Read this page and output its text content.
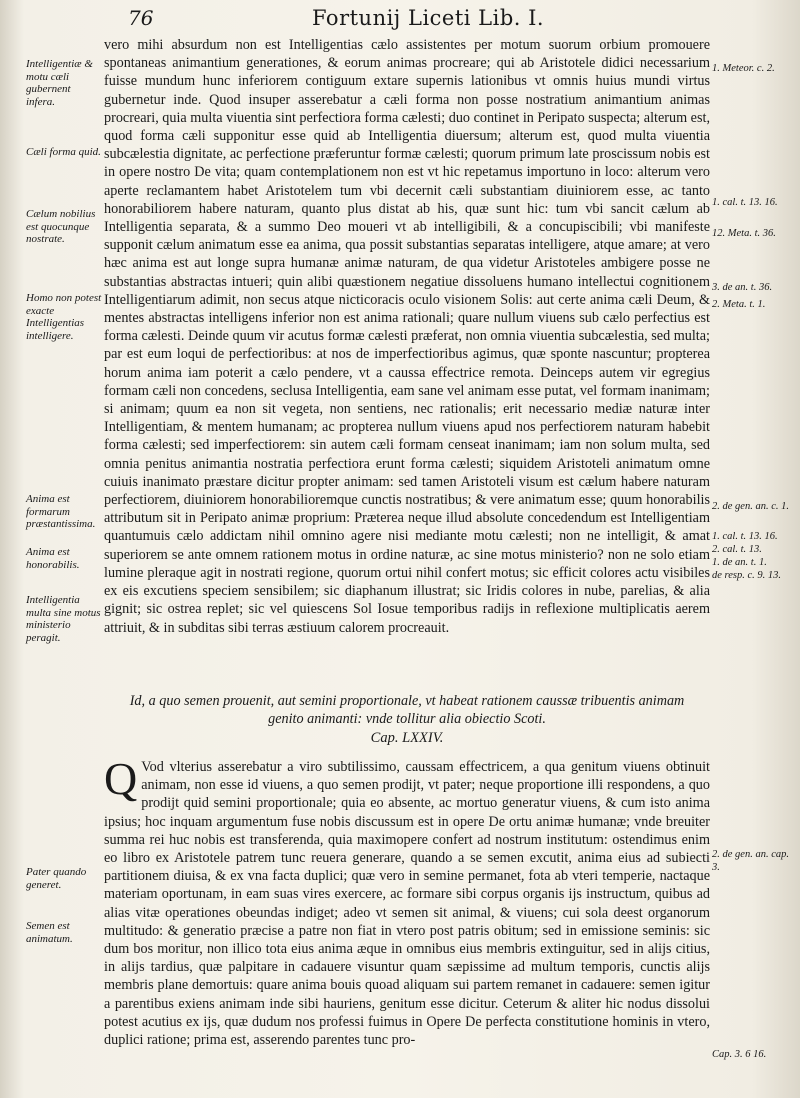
76	Fortunij Liceti Lib. I.

vero mihi absurdum non est Intelligentias cælo assistentes per motum suorum orbium promouere spontaneas animantium generationes, & eorum animas procreare; qui ab Aristotele didici necessarium fuisse mundum hunc inferiorem contiguum extare supernis lationibus vt omnis huius mundi virtus gubernetur inde. Quod insuper asserebatur a cæli forma non posse nostratium animantium animas procreari, quia multa viuentia sint perfectiora forma cælesti; duo continet in Peripato suspecta; alterum est, quod forma cæli supponitur esse quid ab Intelligentia diuersum; alterum est, quod multa viuentia subcælestia dignitate, ac perfectione præferuntur formæ cælesti; quorum primum late proscissum nobis est in opere nostro De vita; quam contemplationem non est vt hic repetamus importuno in loco: alterum vero aperte reclamantem habet Aristotelem tum vbi decernit cæli substantiam diuiniorem esse, ac tanto honorabiliorem habere naturam, quanto plus distat ab his, quæ sunt hic: tum vbi sancit cælum ab Intelligentia separata, & a summo Deo moueri vt ab intelligibili, & a concupiscibili; vbi manifeste supponit cælum animatum esse ea anima, qua possit substantias separatas intelligere, atque amare; at vero hæc anima est aut longe supra humanæ animæ naturam, de qua videtur Aristoteles ambigere posse ne substantias abstractas intueri; quin alibi quæstionem negatiue dissoluens humano intellectui cognitionem Intelligentiarum adimit, non secus atque nicticoracis oculo visionem Solis: aut certe anima cæli Deum, & mentes abstractas intelligens inferior non est anima rationali; quare nullum viuens sub cælo perfectius est forma cælesti. Deinde quum vir acutus formæ cælesti præferat, non omnia viuentia subcælestia, sed multa; par est eum loqui de perfectioribus: at nos de imperfectioribus agimus, quæ sponte nascuntur; propterea horum anima iam poterit a cælo pendere, vt a caussa effectrice remota. Deinceps autem vir egregius formam cæli non concedens, seclusa Intelligentia, eam sane vel animam esse putat, vel formam inanimam; si animam; quum ea non sit vegeta, non sentiens, nec rationalis; erit necessario mediæ naturæ inter Intelligentiam, & mentem humanam; ac propterea nullum viuens apud nos perfectiorem naturam habebit forma cælesti; sed imperfectiorem: sin autem cæli formam censeat inanimam; iam non solum multa, sed omnia penitus animantia nostratia perfectiora erunt forma cælesti; siquidem Aristoteli animatum omne cuiuis inanimato præstare dicitur propter animam: sed tamen Aristoteli visum est cælum habere naturam perfectiorem, diuiniorem honorabilioremque cunctis nostratibus; & vere animatum esse; quum honorabilis attributum sit in Peripato animæ proprium: Præterea neque illud absolute concedendum est Intelligentiam quantumuis cælo addictam nihil omnino agere nisi mediante motu cælesti; non ne intelligit, & amat superiorem se ante omnem rationem motus in ordine naturæ, ac sine motus ministerio? non ne solo etiam lumine pleraque agit in nostrati regione, quorum ortui nihil confert motus; sic efficit colores actu visibiles ex eis excutiens speciem sensibilem; sic diaphanum illustrat; sic Iridis colores in nube, parelias, & alia gignit; sic ostrea replet; sic vel quiescens Sol Iosue temporibus radijs in reflexione multiplicatis aerem attriuit, & in subditas sibi terras æstiuum calorem procreauit.

Id, a quo semen prouenit, aut semini proportionale, vt habeat rationem caussæ tribuentis animam genito animanti: vnde tollitur alia obiectio Scoti.
Cap. LXXIV.
Q Vod vlterius asserebatur a viro subtilissimo, caussam effectricem, a qua genitum viuens obtinuit animam, non esse id viuens, a quo semen prodijt, vt pater; neque proportione illi respondens, a quo prodijt quid semini proportionale; quia eo absente, ac mortuo generatur viuens, & cum isto anima ipsius; hoc inquam argumentum fuse nobis discussum est in opere De ortu animæ humanæ; vnde breuiter summa rei huc nobis est transferenda, quia maximopere confert ad nostrum institutum: ostendimus enim eo libro ex Aristotele patrem tunc reuera generare, quando a se semen excutit, anima eius ad subiecti partitionem diuisa, & ex vna facta duplici; quæ vero in semine permanet, fota ab vteri temperie, nactaque materiam oportunam, in eam suas vires exercere, ac formare sibi corpus organis ijs instructum, quibus ad alias vitæ operationes obeundas indiget; adeo vt semen sit animal, & viuens; cui sola deest organorum multitudo: & generatio præcise a patre non fiat in vtero post patris obitum; sed in emissione seminis: sic dum bos moritur, non illico tota eius anima æque in omnibus eius membris extinguitur, sed in alijs citius, in alijs tardius, quæ palpitare in cadauere visuntur quam sæpissime ad multum temporis, cunctis alijs membris plane demortuis: quare anima bouis quoad aliquam sui partem remanet in cadauere: semen igitur a parentibus exiens animam inde sibi hauriens, genitum esse dicitur. Ceterum & aliter hic nodus dissolui potest acutius ex ijs, quæ dudum nos professi fuimus in Opere De perfecta constitutione hominis in vtero, duplici ratione; prima est, asserendo parentes tunc pro-

Intelligentiæ & motu cæli gubernent infera.
Cæli forma quid.
Cælum nobilius est quocunque nostrate.
Homo non potest exacte Intelligentias intelligere.
Anima est formarum præstantissima.
Anima est honorabilis.
Intelligentia multa sine motus ministerio peragit.
Pater quando generet.
Semen est animatum.
1. Meteor. c. 2.
1. cal. t. 13. 16.
12. Meta. t. 36.
3. de an. t. 36.
2. Meta. t. 1.
2. de gen. an. c. 1.
1. cal. t. 13. 16.
2. cal. t. 13.
1. de an. t. 1.
de resp. c. 9. 13.
2. de gen. an. cap. 3.
Cap. 3. 6 16.
